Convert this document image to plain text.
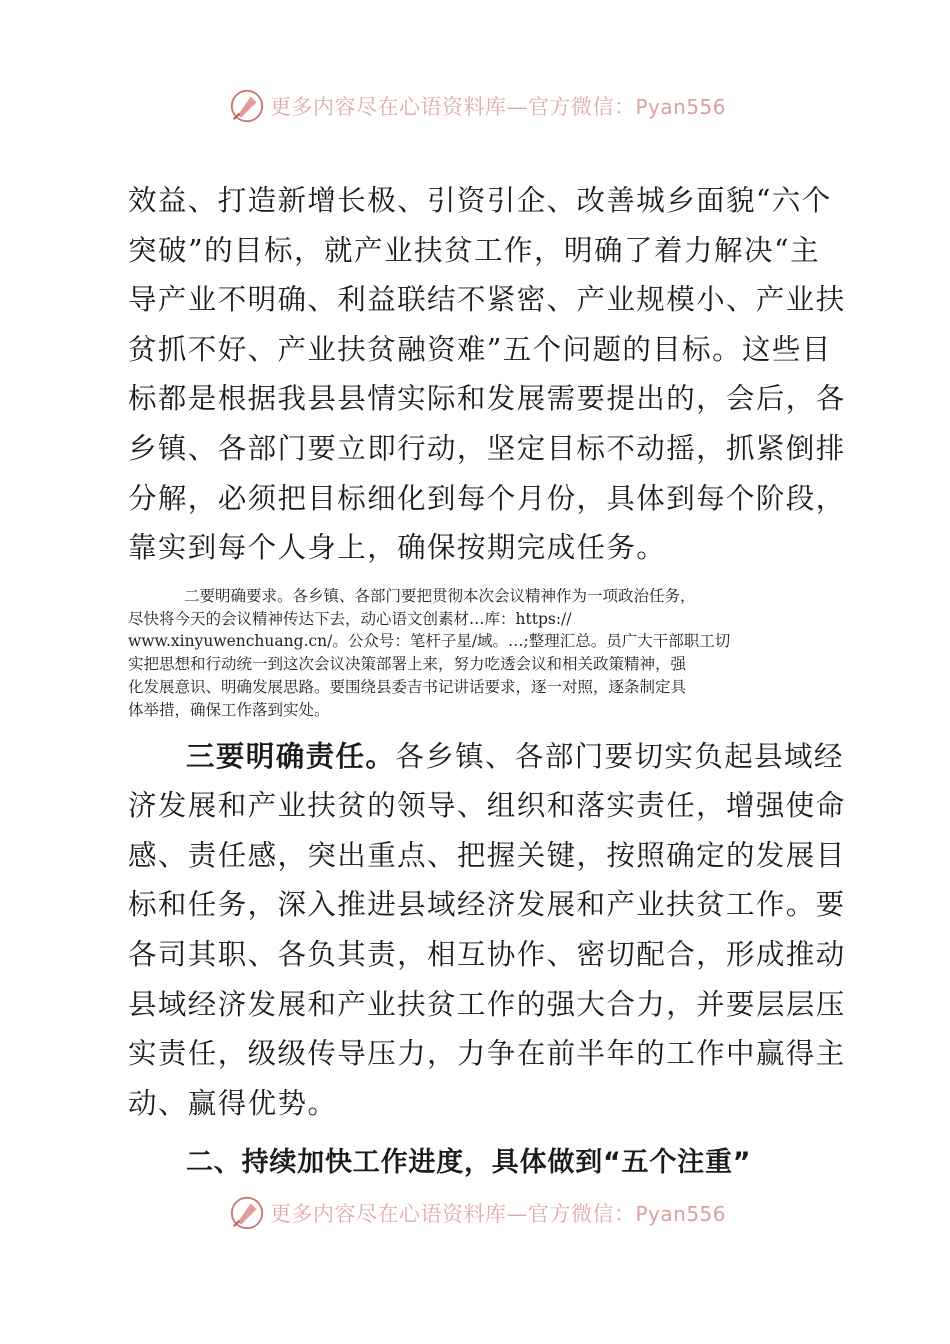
更多内容尽在心语资料库—官方微信：Pyan556
效益、打造新增长极、引资引企、改善城乡面貌“六个
突破”的目标，就产业扶贫工作，明确了着力解决“主
导产业不明确、利益联结不紧密、产业规模小、产业扶
贫抓不好、产业扶贫融资难”五个问题的目标。这些目
标都是根据我县县情实际和发展需要提出的，会后，各
乡镇、各部门要立即行动，坚定目标不动摇，抓紧倒排
分解，必须把目标细化到每个月份，具体到每个阶段，
靠实到每个人身上，确保按期完成任务。
二要明确要求。各乡镇、各部门要把贯彻本次会议精神作为一项政治任务，
尽快将今天的会议精神传达下去，动心语文创素材…库：https://
www.xinyuwenchuang.cn/。公众号：笔杆子星/域。…;整理汇总。员广大干部职工切
实把思想和行动统一到这次会议决策部署上来，努力吃透会议和相关政策精神，强
化发展意识、明确发展思路。要围绕县委吉书记讲话要求，逐一对照，逐条制定具
体举措，确保工作落到实处。
三要明确责任。各乡镇、各部门要切实负起县域经
济发展和产业扶贫的领导、组织和落实责任，增强使命
感、责任感，突出重点、把握关键，按照确定的发展目
标和任务，深入推进县域经济发展和产业扶贫工作。要
各司其职、各负其责，相互协作、密切配合，形成推动
县域经济发展和产业扶贫工作的强大合力，并要层层压
实责任，级级传导压力，力争在前半年的工作中赢得主
动、赢得优势。
二、持续加快工作进度，具体做到“五个注重”
更多内容尽在心语资料库—官方微信：Pyan556
